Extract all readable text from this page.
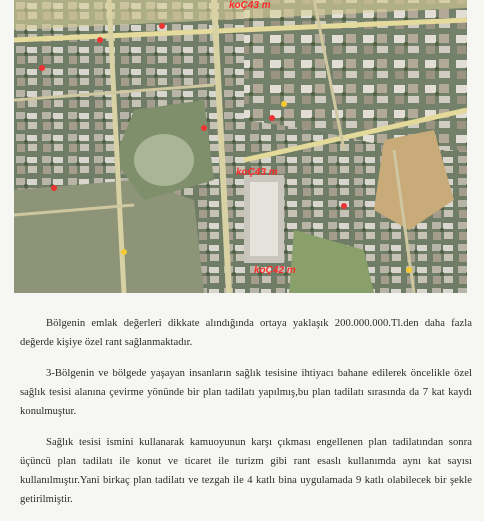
koÇ43 m
koÇ43 m
koÇ42 m

Bölgenin emlak değerleri dikkate alındığında ortaya yaklaşık 200.000.000.Tl.den daha fazla değerde kişiye özel rant sağlanmaktadır.

3-Bölgenin ve bölgede yaşayan insanların sağlık tesisine ihtiyacı bahane edilerek öncelikle özel sağlık tesisi alanına çevirme yönünde bir plan tadilatı yapılmış,bu plan tadilatı sırasında da 7 kat kaydı konulmuştur.

Sağlık tesisi ismini kullanarak kamuoyunun karşı çıkması engellenen plan tadilatından sonra üçüncü plan tadilatı ile konut ve ticaret ile turizm gibi rant esaslı kullanımda aynı kat sayısı kullanılmıştır.Yani birkaç plan tadilatı ve tezgah ile 4 katlı bina uygulamada 9 katlı olabilecek bir şekle getirilmiştir.
